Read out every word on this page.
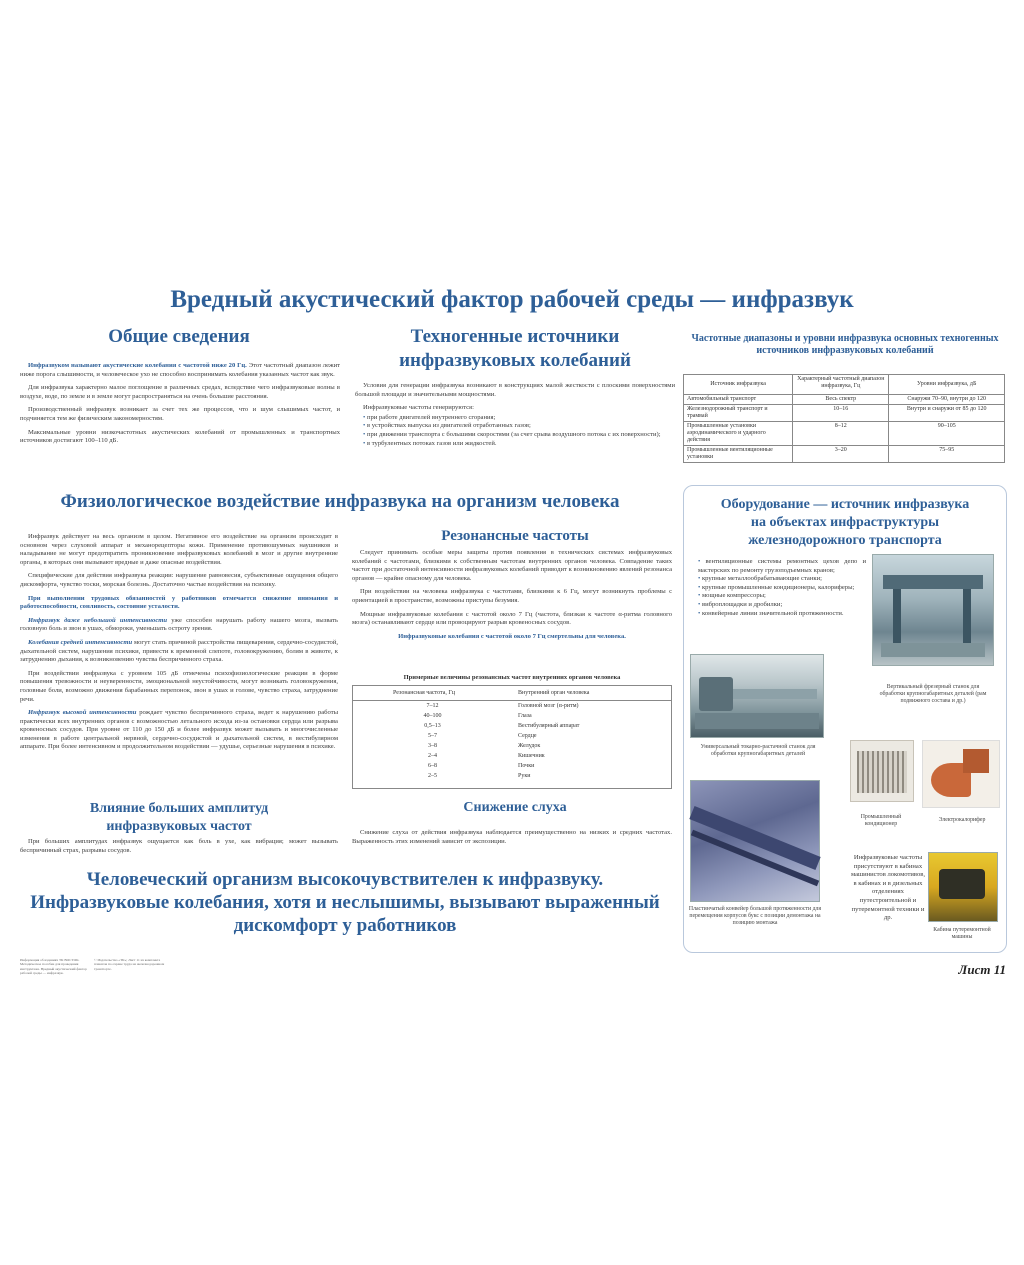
Вредный акустический фактор рабочей среды — инфразвук
Общие сведения

Инфразвуком называют акустические колебания с частотой ниже 20 Гц. Этот частотный диапазон лежит ниже порога слышимости, и человеческое ухо не способно воспринимать колебания указанных частот как звук.

Для инфразвука характерно малое поглощение в различных средах, вследствие чего инфразвуковые волны в воздухе, воде, по земле и в земле могут распространяться на очень большие расстояния.

Производственный инфразвук возникает за счет тех же процессов, что и шум слышимых частот, и подчиняется тем же физическим закономерностям.

Максимальные уровни низкочастотных акустических колебаний от промышленных и транспортных источников достигают 100–110 дБ.

Техногенные источники
инфразвуковых колебаний

Условия для генерации инфразвука возникают в конструкциях малой жесткости с плоскими поверхностями большой площади и значительными мощностями.

Инфразвуковые частоты генерируются:

• при работе двигателей внутреннего сгорания;
• в устройствах выпуска из двигателей отработанных газов;
• при движении транспорта с большими скоростями (за счет срыва воздушного потока с их поверхности);
• в турбулентных потоках газов или жидкостей.
Частотные диапазоны и уровни инфразвука основных техногенных источников инфразвуковых колебаний
Источник инфразвука	Характерный частотный диапазон инфразвука, Гц	Уровни инфразвука, дБ
Автомобильный транспорт	Весь спектр	Снаружи 70–90, внутри до 120
Железнодорожный транспорт и трамвай	10–16	Внутри и снаружи от 85 до 120
Промышленные установки аэродинамического и ударного действия	8–12	90–105
Промышленные вентиляционные установки	3–20	75–95
Физиологическое воздействие инфразвука на организм человека

Инфразвук действует на весь организм в целом. Негативное его воздействие на организм происходит в основном через слуховой аппарат и механорецепторы кожи. Применение противошумных наушников и наладывание не могут предотвратить проникновение инфразвуковых колебаний в мозг и другие внутренние органы, в которых они вызывают вредные и даже опасные воздействия.

Специфические для действия инфразвука реакции: нарушение равновесия, субъективные ощущения общего дискомфорта, чувство тоски, морская болезнь. Достаточно частые воздействия на психику.

При выполнении трудовых обязанностей у работников отмечается снижение внимания и работоспособности, сонливость, состояние усталости.

Инфразвук даже небольшой интенсивности уже способен нарушать работу нашего мозга, вызвать головную боль и звон в ушах, обмороки, уменьшать остроту зрения.

Колебания средней интенсивности могут стать причиной расстройства пищеварения, сердечно-сосудистой, дыхательной систем, нарушения психики, привести к временной слепоте, головокружению, болям в животе, к затруднению дыхания, к возникновению чувства беспричинного страха.

При воздействии инфразвука с уровнем 105 дБ отмечены психофизиологические реакции в форме повышения тревожности и неуверенности, эмоциональной неустойчивости, могут возникать головокружения, головные боли, возможно движения барабанных перепонок, звон в ушах и голове, чувство страха, затруднение речи.

Инфразвук высокой интенсивности рождает чувство беспричинного страха, ведет к нарушению работы практически всех внутренних органов с возможностью летального исхода из-за остановки сердца или разрыва кровеносных сосудов. При уровне от 110 до 150 дБ и более инфразвук может вызывать и многочисленные изменения в работе центральной нервной, сердечно-сосудистой и дыхательной систем, в вестибулярном аппарате. При более интенсивном и продолжительном воздействии — удушье, серьезные нарушения в психике.

Резонансные частоты

Следует принимать особые меры защиты против появления в технических системах инфразвуковых колебаний с частотами, близкими к собственным частотам внутренних органов человека. Совпадение таких частот при достаточной интенсивности инфразвуковых колебаний приводит к возникновению явлений резонанса органов — крайне опасному для человека.

При воздействии на человека инфразвука с частотами, близкими к 6 Гц, могут возникнуть проблемы с ориентацией в пространстве, возможны приступы безумия.

Мощные инфразвуковые колебания с частотой около 7 Гц (частота, близкая к частоте α-ритма головного мозга) останавливают сердце или провоцируют разрыв кровеносных сосудов.

Инфразвуковые колебания с частотой около 7 Гц смертельны для человека.

Примерные величины резонансных частот внутренних органов человека
Резонансная частота, Гц	Внутренний орган человека
7–12	Головной мозг (α-ритм)
40–100	Глаза
0,5–13	Вестибулярный аппарат
5–7	Сердце
3–8	Желудок
2–4	Кишечник
6–8	Почки
2–5	Руки
Влияние больших амплитуд
инфразвуковых частот

При больших амплитудах инфразвук ощущается как боль в ухе, как вибрация; может вызывать беспричинный страх, разрывы сосудов.

Снижение слуха

Снижение слуха от действия инфразвука наблюдается преимущественно на низких и средних частотах. Выраженность этих изменений зависит от экспозиции.

Человеческий организм высокочувствителен к инфразвуку.
Инфразвуковые колебания, хотя и неслышимы, вызывают выраженный
дискомфорт у работников
Оборудование — источник инфразвука
на объектах инфраструктуры
железнодорожного транспорта
• вентиляционные системы ремонтных цехов депо и мастерских по ремонту грузоподъемных кранов;
• крупные металлообрабатывающие станки;
• крупные промышленные кондиционеры, калориферы;
• мощные компрессоры;
• виброплощадки и дробилки;
• конвейерные линии значительной протяженности.
Вертикальный фрезерный станок для обработки крупногабаритных деталей (рам подвижного состава и др.)
Универсальный токарно-растачной станок для обработки крупногабаритных деталей
Промышленный кондиционер
Электрокалорифер
Пластинчатый конвейер большой протяженности для перемещения корпусов букс с позиции демонтажа на позицию монтажа
Инфразвуковые частоты присутствуют в кабинах машинистов локомотивов, в кабинах и в дизельных отделениях путестроительной и путеремонтной техники и др.
Кабина путеремонтной машины
Информация об изданиях ТК ВОСТОК. Методическое пособие для проведения инструктажа. Вредный акустический фактор рабочей среды — инфразвук.
© Издательство «ТК»; Лист 11 из комплекта плакатов по охране труда на железнодорожном транспорте.	Лист 11
